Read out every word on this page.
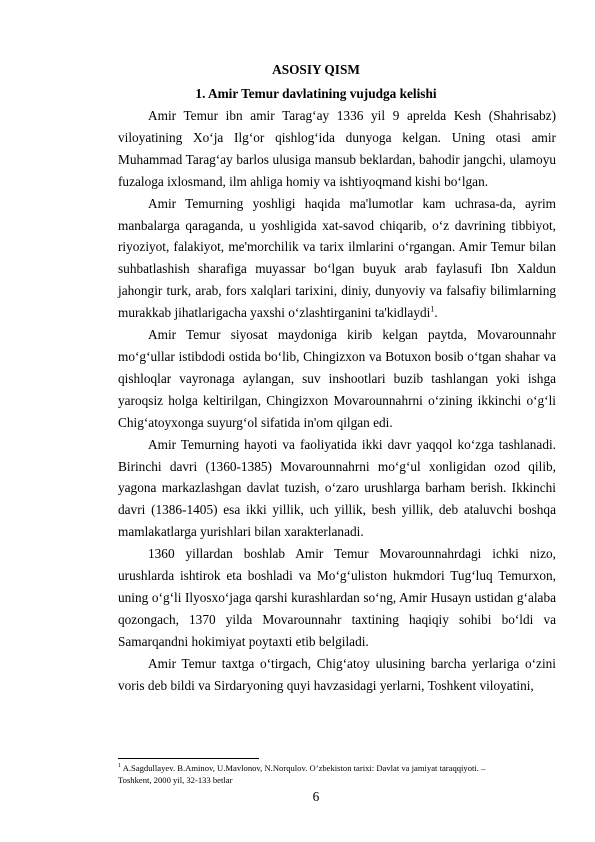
ASOSIY QISM
1. Amir Temur davlatining vujudga kelishi

Amir Temur ibn amir Tarag‘ay 1336 yil 9 aprelda Kesh (Shahrisabz) viloyatining Xo‘ja Ilg‘or qishlog‘ida dunyoga kelgan. Uning otasi amir Muhammad Tarag‘ay barlos ulusiga mansub beklardan, bahodir jangchi, ulamoyu fuzaloga ixlosmand, ilm ahliga homiy va ishtiyoqmand kishi bo‘lgan.

Amir Temurning yoshligi haqida ma'lumotlar kam uchrasa-da, ayrim manbalarga qaraganda, u yoshligida xat-savod chiqarib, o‘z davrining tibbiyot, riyoziyot, falakiyot, me'morchilik va tarix ilmlarini o‘rgangan. Amir Temur bilan suhbatlashish sharafiga muyassar bo‘lgan buyuk arab faylasufi Ibn Xaldun jahongir turk, arab, fors xalqlari tarixini, diniy, dunyoviy va falsafiy bilimlarning murakkab jihatlarigacha yaxshi o‘zlashtirganini ta'kidlaydi$^1$.

Amir Temur siyosat maydoniga kirib kelgan paytda, Movarounnahr mo‘g‘ullar istibdodi ostida bo‘lib, Chingizxon va Botuxon bosib o‘tgan shahar va qishloqlar vayronaga aylangan, suv inshootlari buzib tashlangan yoki ishga yaroqsiz holga keltirilgan, Chingizxon Movarounnahrni o‘zining ikkinchi o‘g‘li Chig‘atoyxonga suyurg‘ol sifatida in'om qilgan edi.

Amir Temurning hayoti va faoliyatida ikki davr yaqqol ko‘zga tashlanadi. Birinchi davri (1360-1385) Movarounnahrni mo‘g‘ul xonligidan ozod qilib, yagona markazlashgan davlat tuzish, o‘zaro urushlarga barham berish. Ikkinchi davri (1386-1405) esa ikki yillik, uch yillik, besh yillik, deb ataluvchi boshqa mamlakatlarga yurishlari bilan xarakterlanadi.

1360 yillardan boshlab Amir Temur Movarounnahrdagi ichki nizo, urushlarda ishtirok eta boshladi va Mo‘g‘uliston hukmdori Tug‘luq Temurxon, uning o‘g‘li Ilyosxo‘jaga qarshi kurashlardan so‘ng, Amir Husayn ustidan g‘alaba qozongach, 1370 yilda Movarounnahr taxtining haqiqiy sohibi bo‘ldi va Samarqandni hokimiyat poytaxti etib belgiladi.

Amir Temur taxtga o‘tirgach, Chig‘atoy ulusining barcha yerlariga o‘zini voris deb bildi va Sirdaryoning quyi havzasidagi yerlarni, Toshkent viloyatini,

$^1$ A.Sagdullayev. B.Aminov, U.Mavlonov, N.Norqulov. O’zbekiston tarixi: Davlat va jamiyat taraqqiyoti. –
Toshkent, 2000 yil, 32-133 betlar
6
